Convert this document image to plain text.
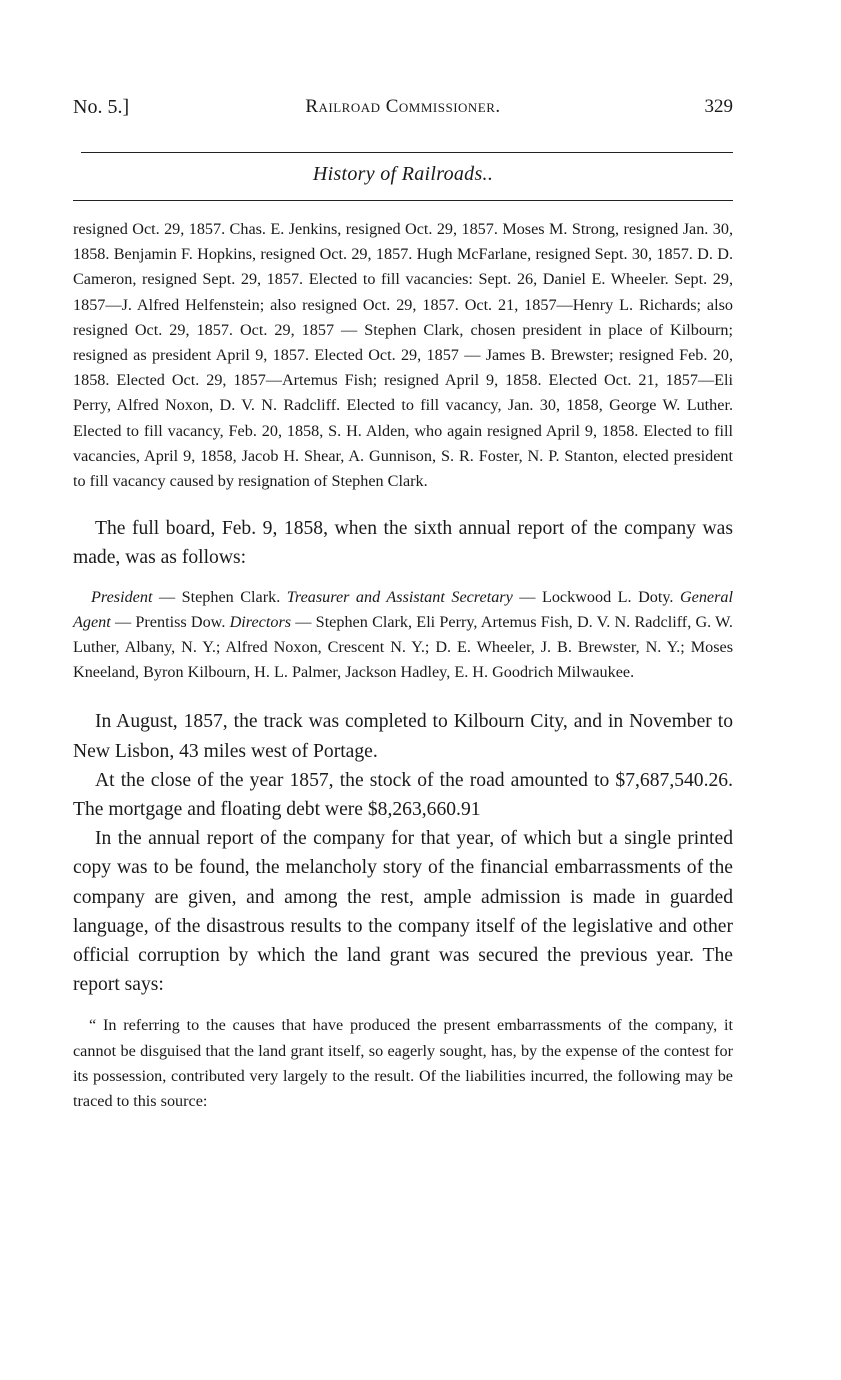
No. 5.]	Railroad Commissioner.	329
History of Railroads..

resigned Oct. 29, 1857. Chas. E. Jenkins, resigned Oct. 29, 1857. Moses M. Strong, resigned Jan. 30, 1858. Benjamin F. Hopkins, resigned Oct. 29, 1857. Hugh McFarlane, resigned Sept. 30, 1857. D. D. Cameron, resigned Sept. 29, 1857. Elected to fill vacancies: Sept. 26, Daniel E. Wheeler. Sept. 29, 1857—J. Alfred Helfenstein; also resigned Oct. 29, 1857. Oct. 21, 1857—Henry L. Richards; also resigned Oct. 29, 1857. Oct. 29, 1857 — Stephen Clark, chosen president in place of Kilbourn; resigned as president April 9, 1857. Elected Oct. 29, 1857 — James B. Brewster; resigned Feb. 20, 1858. Elected Oct. 29, 1857—Artemus Fish; resigned April 9, 1858. Elected Oct. 21, 1857—Eli Perry, Alfred Noxon, D. V. N. Radcliff. Elected to fill vacancy, Jan. 30, 1858, George W. Luther. Elected to fill vacancy, Feb. 20, 1858, S. H. Alden, who again resigned April 9, 1858. Elected to fill vacancies, April 9, 1858, Jacob H. Shear, A. Gunnison, S. R. Foster, N. P. Stanton, elected president to fill vacancy caused by resignation of Stephen Clark.

The full board, Feb. 9, 1858, when the sixth annual report of the company was made, was as follows:

President — Stephen Clark. Treasurer and Assistant Secretary — Lockwood L. Doty. General Agent — Prentiss Dow. Directors — Stephen Clark, Eli Perry, Artemus Fish, D. V. N. Radcliff, G. W. Luther, Albany, N. Y.; Alfred Noxon, Crescent N. Y.; D. E. Wheeler, J. B. Brewster, N. Y.; Moses Kneeland, Byron Kilbourn, H. L. Palmer, Jackson Hadley, E. H. Goodrich Milwaukee.

In August, 1857, the track was completed to Kilbourn City, and in November to New Lisbon, 43 miles west of Portage.

At the close of the year 1857, the stock of the road amounted to $7,687,540.26. The mortgage and floating debt were $8,263,660.91

In the annual report of the company for that year, of which but a single printed copy was to be found, the melancholy story of the financial embarrassments of the company are given, and among the rest, ample admission is made in guarded language, of the disastrous results to the company itself of the legislative and other official corruption by which the land grant was secured the previous year. The report says:

“ In referring to the causes that have produced the present embarrassments of the company, it cannot be disguised that the land grant itself, so eagerly sought, has, by the expense of the contest for its possession, contributed very largely to the result. Of the liabilities incurred, the following may be traced to this source:
